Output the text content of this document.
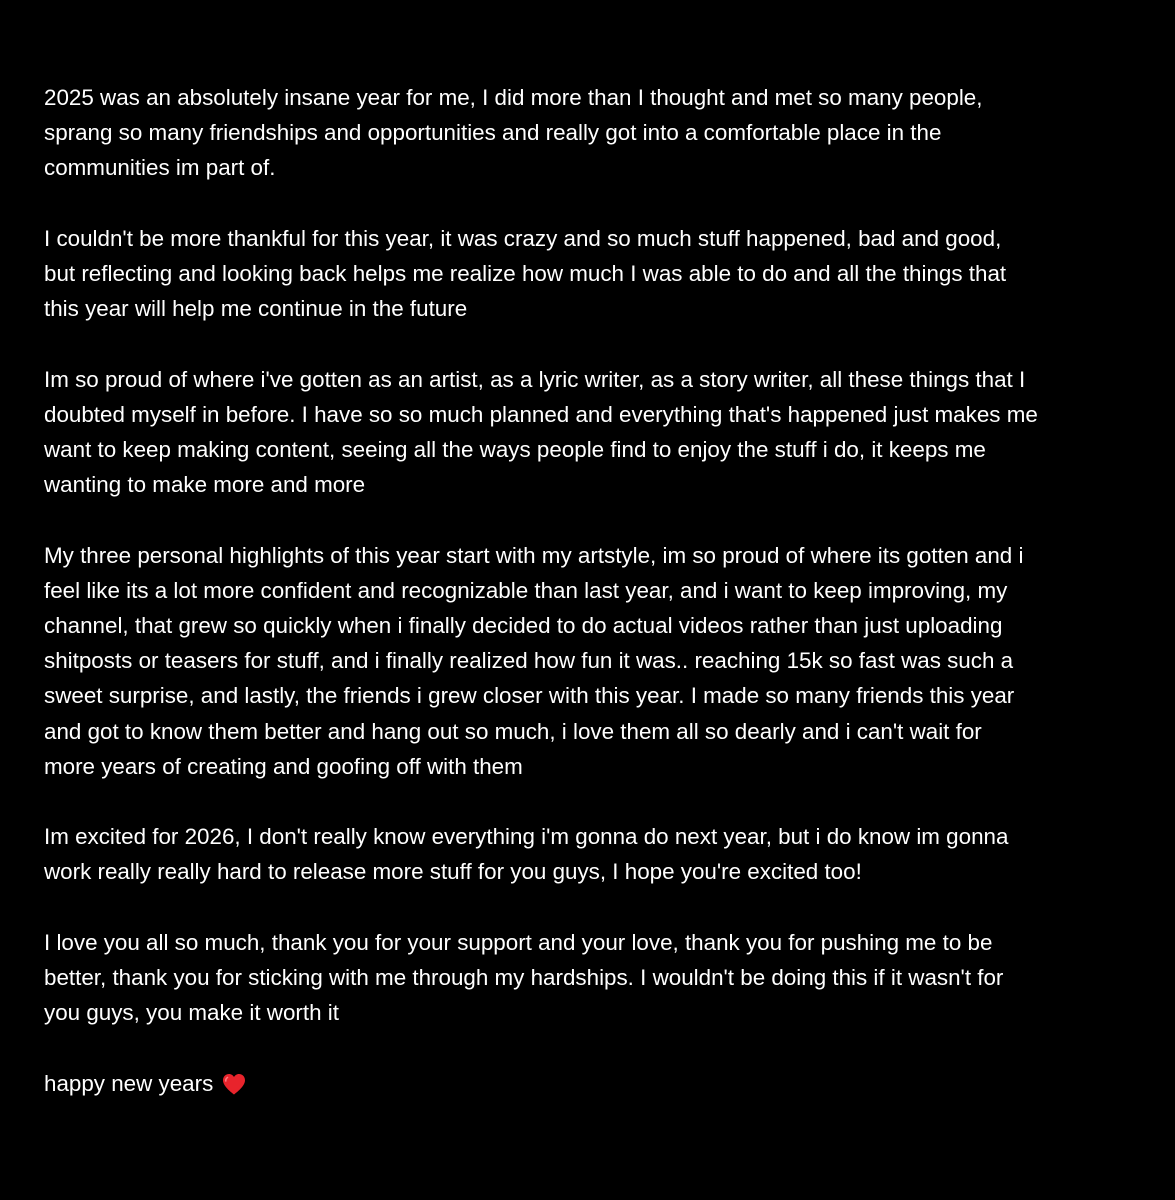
2025 was an absolutely insane year for me, I did more than I thought and met so many people,
sprang so many friendships and opportunities and really got into a comfortable place in the
communities im part of.
I couldn't be more thankful for this year, it was crazy and so much stuff happened, bad and good,
but reflecting and looking back helps me realize how much I was able to do and all the things that
this year will help me continue in the future
Im so proud of where i've gotten as an artist, as a lyric writer, as a story writer, all these things that I
doubted myself in before. I have so so much planned and everything that's happened just makes me
want to keep making content, seeing all the ways people find to enjoy the stuff i do, it keeps me
wanting to make more and more
My three personal highlights of this year start with my artstyle, im so proud of where its gotten and i
feel like its a lot more confident and recognizable than last year, and i want to keep improving, my
channel, that grew so quickly when i finally decided to do actual videos rather than just uploading
shitposts or teasers for stuff, and i finally realized how fun it was.. reaching 15k so fast was such a
sweet surprise, and lastly, the friends i grew closer with this year. I made so many friends this year
and got to know them better and hang out so much, i love them all so dearly and i can't wait for
more years of creating and goofing off with them
Im excited for 2026, I don't really know everything i'm gonna do next year, but i do know im gonna
work really really hard to release more stuff for you guys, I hope you're excited too!
I love you all so much, thank you for your support and your love, thank you for pushing me to be
better, thank you for sticking with me through my hardships. I wouldn't be doing this if it wasn't for
you guys, you make it worth it
happy new years
